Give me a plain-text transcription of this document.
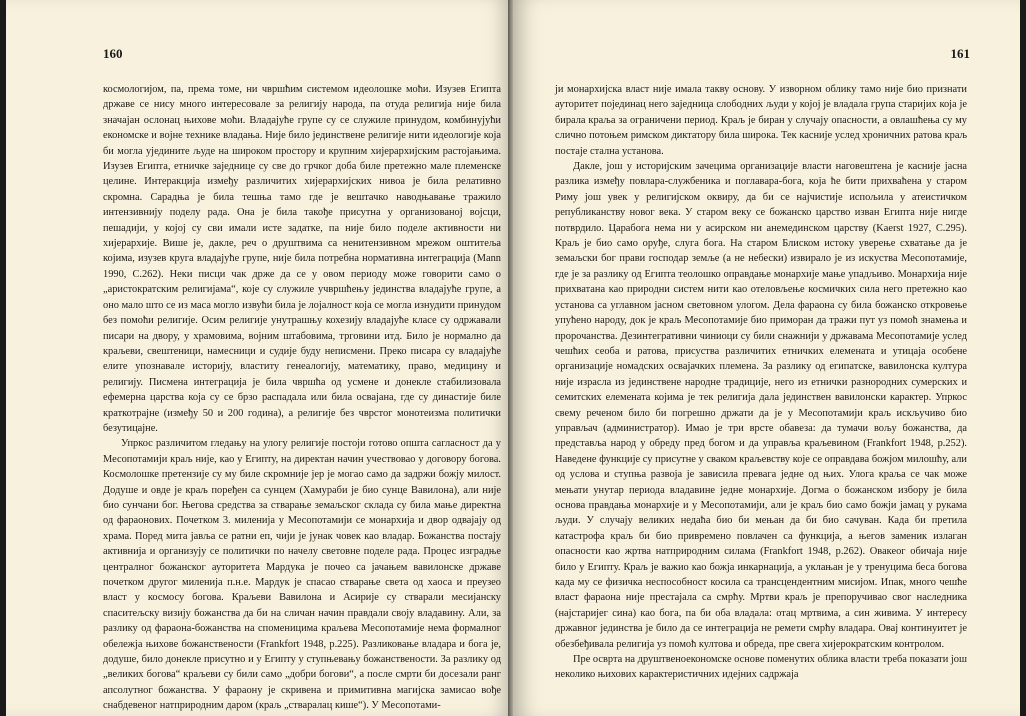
160

космологијом, па, према томе, ни чвршћим системом идеолошке моћи. Изузев Египта државе се нису много интересовале за религију народа, па отуда религија није била значајан ослонац њихове моћи. Владајуће групе су се служиле принудом, комбинујући економске и војне технике владања. Није било јединствене религије нити идеологије која би могла уједините људе на широком простору и крупним хијерархијским растојањима. Изузев Египта, етничке заједнице су све до грчког доба биле претежно мале племенске целине. Интеракција између различитих хијерархијских нивоа је била релативно скромна. Сарадња је била тешња тамо где је вештачко наводњавање тражило интензивнију поделу рада. Она је била такође присутна у организованој војсци, пешадији, у којој су сви имали исте задатке, па није било поделе активности ни хијерархије. Више је, дакле, реч о друштвима са ненитензивном мрежом оштитеља којима, изузев круга владајуће групе, није била потребна нормативна интеграција (Mann 1990, C.262). Неки писци чак држе да се у овом периоду може говорити само о „аристократским религијама“, које су служиле учвршћењу јединства владајуће групе, а оно мало што се из маса могло извући била је лојалност која се могла изнудити принудом без помоћи религије. Осим религије унутрашњу кохезију владајуће класе су одржавали писари на двору, у храмовима, војним штабовима, трговини итд. Било је нормално да краљеви, свештеници, намесници и судије буду неписмени. Преко писара су владајуће елите упознавале историју, властиту генеалогију, математику, право, медицину и религију. Писмена интеграција је била чвршћа од усмене и донекле стабилизовала ефемерна царства која су се брзо распадала или била освајана, где су династије биле краткотрајне (између 50 и 200 година), а религије без чврстог монотеизма политички безутицајне.

Упркос различитом гледању на улогу религије постоји готово општа сагласност да у Месопотамији краљ није, као у Египту, на директан начин учествовао у договору богова. Космолошке претензије су му биле скромније јер је могао само да задржи божју милост. Додуше и овде је краљ поређен са сунцем (Хамураби је био сунце Вавилона), али није био сунчани бог. Његова средства за стварање земаљског склада су била мање директна од фараонових. Почетком 3. миленија у Месопотамији се монархија и двор одвајају од храма. Поред мита јавља се ратни еп, чији је јунак човек као владар. Божанства постају активнија и организују се политички по начелу световне поделе рада. Процес изградње централног божанског ауторитета Мардука је почео са јачањем вавилонске државе почетком другог миленија п.н.е. Мардук је спасао стварање света од хаоса и преузео власт у космосу богова. Краљеви Вавилона и Асирије су стварали месијанску спаситељску визију божанства да би на сличан начин правдали своју владавину. Али, за разлику од фараона-божанства на споменицима краљева Месопотамије нема формалног обележја њихове божанствености (Frankfort 1948, p.225). Разликовање владара и бога је, додуше, било донекле присутно и у Египту у ступњевању божанствености. За разлику од „великих богова“ краљеви су били само „добри богови“, а после смрти би досезали ранг апсолутног божанства. У фараону је скривена и примитивна магијска замисао вође снабдевеног натприродним даром (краљ „стваралац кише“). У Месопотами-

161

ји монархијска власт није имала такву основу. У изворном облику тамо није био признати ауторитет појединац него заједница слободних људи у којој је владала група старијих која је бирала краља за ограничени период. Краљ је биран у случају опасности, а овлашћења су му слично потоњем римском диктатору била широка. Тек касније услед хроничних ратова краљ постаје стална установа.

Дакле, још у историјским зачецима организације власти наговештена је касније јасна разлика између повлара-службеника и поглавара-бога, која ће бити прихваћена у старом Риму још увек у религијском оквиру, да би се најчистије испољила у атеистичком републиканству новог века. У старом веку се божанско царство изван Египта није нигде потврдило. Царабога нема ни у асирском ни анемединском царству (Kaerst 1927, C.295). Краљ је био само оруђе, слуга бога. На старом Блиском истоку уверење схватање да је земаљски бог прави господар земље (а не небески) извирало је из искуства Месопотамије, где је за разлику од Египта теолошко оправдање монархије мање упадљиво. Монархија није прихватана као природни систем нити као отеловљење космичких сила него претежно као установа са углавном јасном световном улогом. Дела фараона су била божанско откровење упућено народу, док је краљ Месопотамије био приморан да тражи пут уз помоћ знамења и пророчанства. Дезинтегративни чиниоци су били снажнији у државама Месопотамије услед чешћих сеоба и ратова, присуства различитих етничких елемената и утицаја особене организације номадских освајачких племена. За разлику од египатске, вавилонска култура није израсла из јединствене народне традиције, него из етнички разнородних сумерских и семитских елемената којима је тек религија дала јединствен вавилонски карактер. Упркос свему реченом било би погрешно држати да је у Месопотамији краљ искључиво био управљач (администратор). Имао је три врсте обавеза: да тумачи вољу божанства, да представља народ у обреду пред богом и да управља краљевином (Frankfort 1948, p.252). Наведене функције су присутне у сваком краљевству које се оправдава божјом милошћу, али од услова и ступња развоја је зависила превага једне од њих. Улога краља се чак може мењати унутар периода владавине једне монархије. Догма о божанском избору је била основа правдања монархије и у Месопотамији, али је краљ био само божји јамац у рукама људи. У случају великих недаћа био би мењан да би био сачуван. Када би претила катастрофа краљ би био привремено повлачен са функција, а његов заменик излаган опасности као жртва натприродним силама (Frankfort 1948, p.262). Овакеог обичаја није било у Египту. Краљ је важио као божја инкарнација, а уклањан је у тренуцима беса богова када му се физичка неспособност косила са трансцендентним мисијом. Ипак, много чешће власт фараона није престајала са смрћу. Мртви краљ је препоручивао свог наследника (најстаријег сина) као бога, па би оба владала: отац мртвима, а син живима. У интересу државног јединства је било да се интеграција не ремети смрћу владара. Овај континуитет је обезбеђивала религија уз помоћ култова и обреда, пре свега хијерократским контролом.

Пре осврта на друштвеноекономске основе поменутих облика власти треба показати још неколико њихових карактеристичних идејних садржаја
